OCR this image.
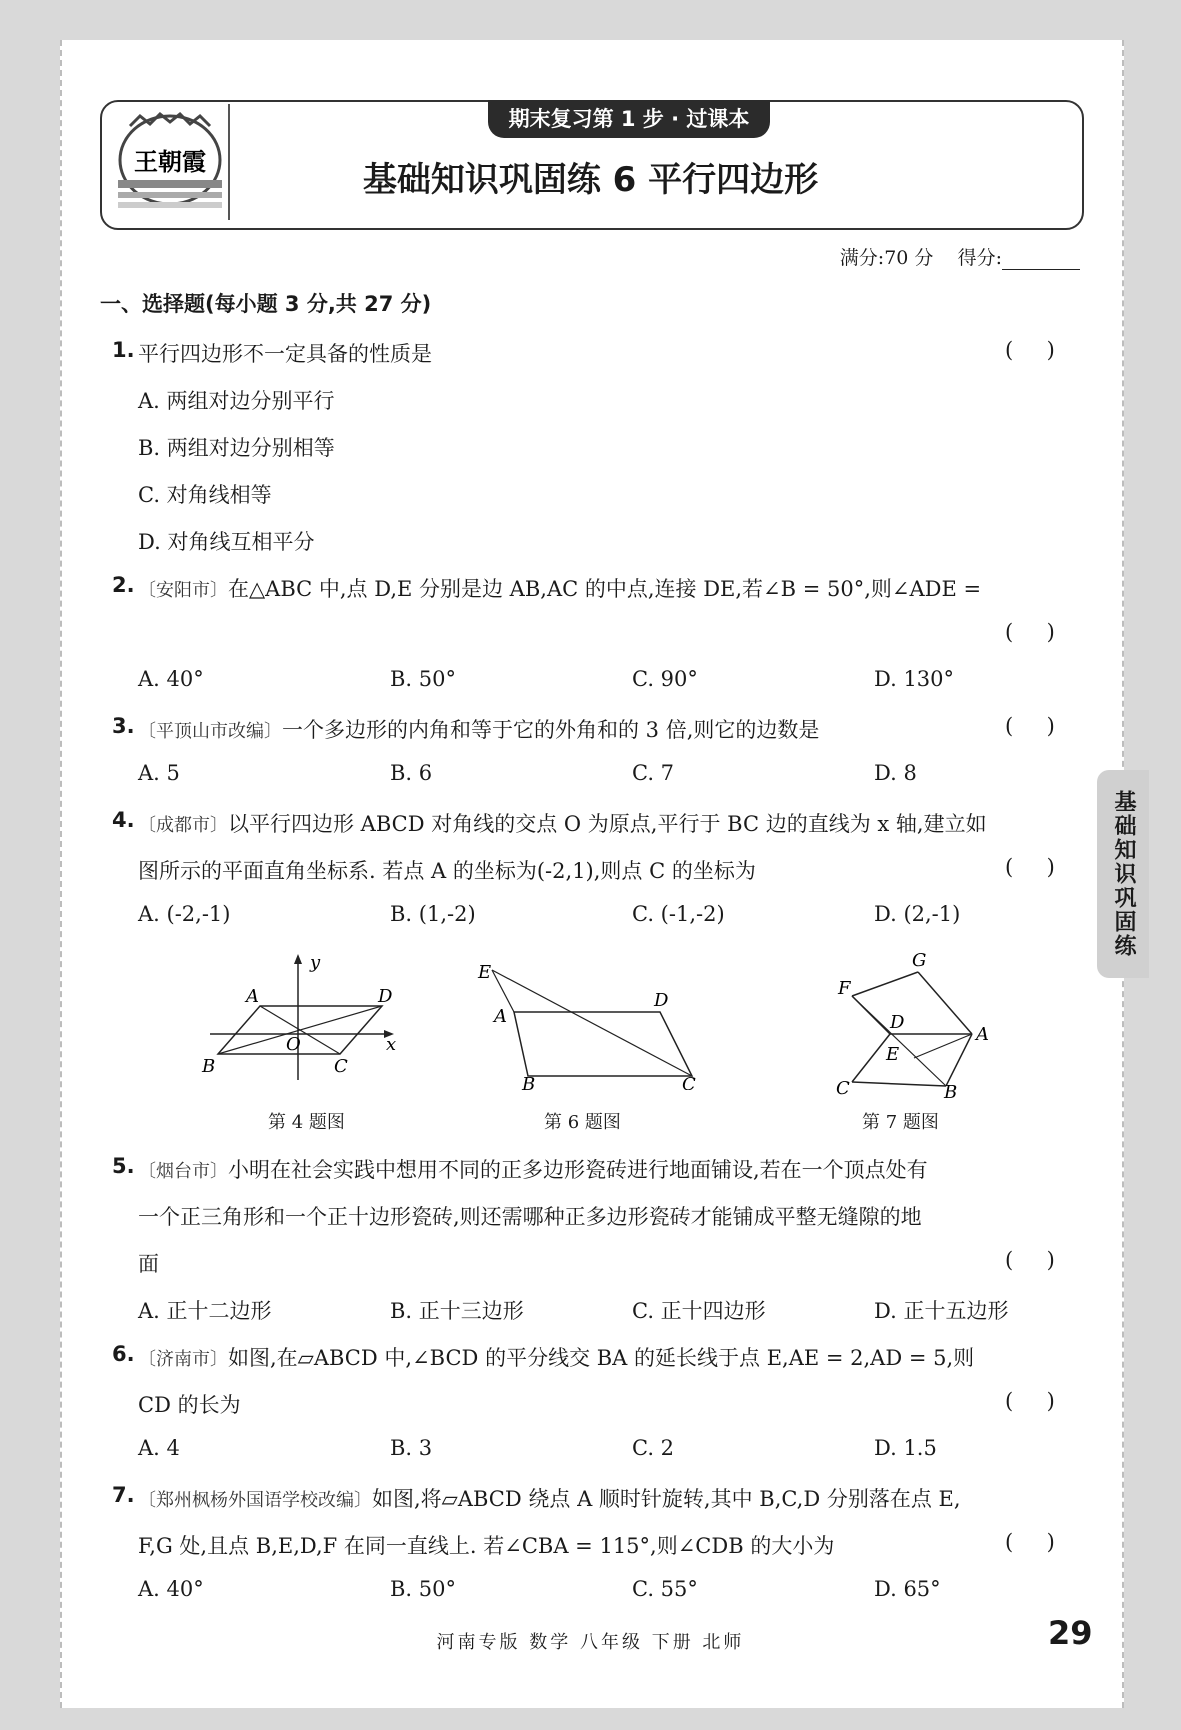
王朝霞
期末复习第 1 步 · 过课本
基础知识巩固练 6 平行四边形
满分:70 分 得分:
一、选择题(每小题 3 分,共 27 分)
1. 平行四边形不一定具备的性质是	(     )
A. 两组对边分别平行
B. 两组对边分别相等
C. 对角线相等
D. 对角线互相平分
2. 〔安阳市〕在△ABC 中,点 D,E 分别是边 AB,AC 的中点,连接 DE,若∠B = 50°,则∠ADE =
(     )
A. 40°	B. 50°	C. 90°	D. 130°
3. 〔平顶山市改编〕一个多边形的内角和等于它的外角和的 3 倍,则它的边数是	(     )
A. 5	B. 6	C. 7	D. 8
4. 〔成都市〕以平行四边形 ABCD 对角线的交点 O 为原点,平行于 BC 边的直线为 x 轴,建立如
图所示的平面直角坐标系. 若点 A 的坐标为(-2,1),则点 C 的坐标为	(     )
A. (-2,-1)	B. (1,-2)	C. (-1,-2)	D. (2,-1)
y
x
A	D
O
B	C
第 4 题图
E
A
D
B	C
第 6 题图
G
F
D
A
E
C	B
第 7 题图
5. 〔烟台市〕小明在社会实践中想用不同的正多边形瓷砖进行地面铺设,若在一个顶点处有
一个正三角形和一个正十边形瓷砖,则还需哪种正多边形瓷砖才能铺成平整无缝隙的地
面	(     )
A. 正十二边形	B. 正十三边形	C. 正十四边形	D. 正十五边形
6. 〔济南市〕如图,在▱ABCD 中,∠BCD 的平分线交 BA 的延长线于点 E,AE = 2,AD = 5,则
CD 的长为	(     )
A. 4	B. 3	C. 2	D. 1.5
7. 〔郑州枫杨外国语学校改编〕如图,将▱ABCD 绕点 A 顺时针旋转,其中 B,C,D 分别落在点 E,
F,G 处,且点 B,E,D,F 在同一直线上. 若∠CBA = 115°,则∠CDB 的大小为	(     )
A. 40°	B. 50°	C. 55°	D. 65°
基础知识巩固练
河南专版 数学 八年级 下册 北师	29
